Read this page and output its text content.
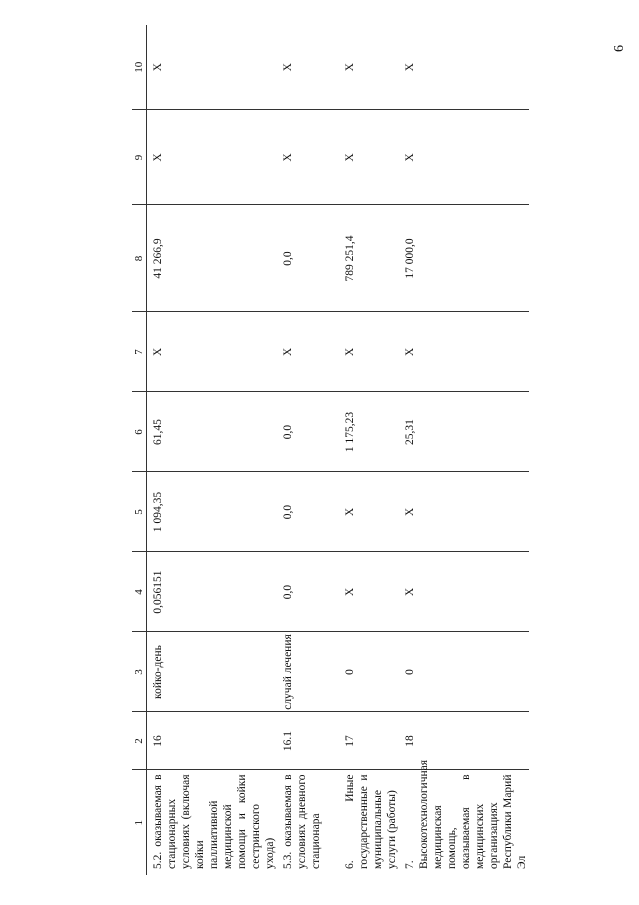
6
1	2	3	4	5	6	7	8	9	10
5.2. оказываемая в стационарных условиях (включая койки паллиативной медицинской помощи и койки сестринского ухода)	16	койко-день	0,056151	1 094,35	61,45	X	41 266,9	X	X
5.3. оказываемая в условиях дневного стационара	16.1	случай лечения	0,0	0,0	0,0	X	0,0	X	X
6. Иные государственные и муниципальные услуги (работы)	17	0	X	X	1 175,23	X	789 251,4	X	X
7. Высокотехнологичная медицинская помощь, оказываемая в медицинских организациях Республики Марий Эл	18	0	X	X	25,31	X	17 000,0	X	X
